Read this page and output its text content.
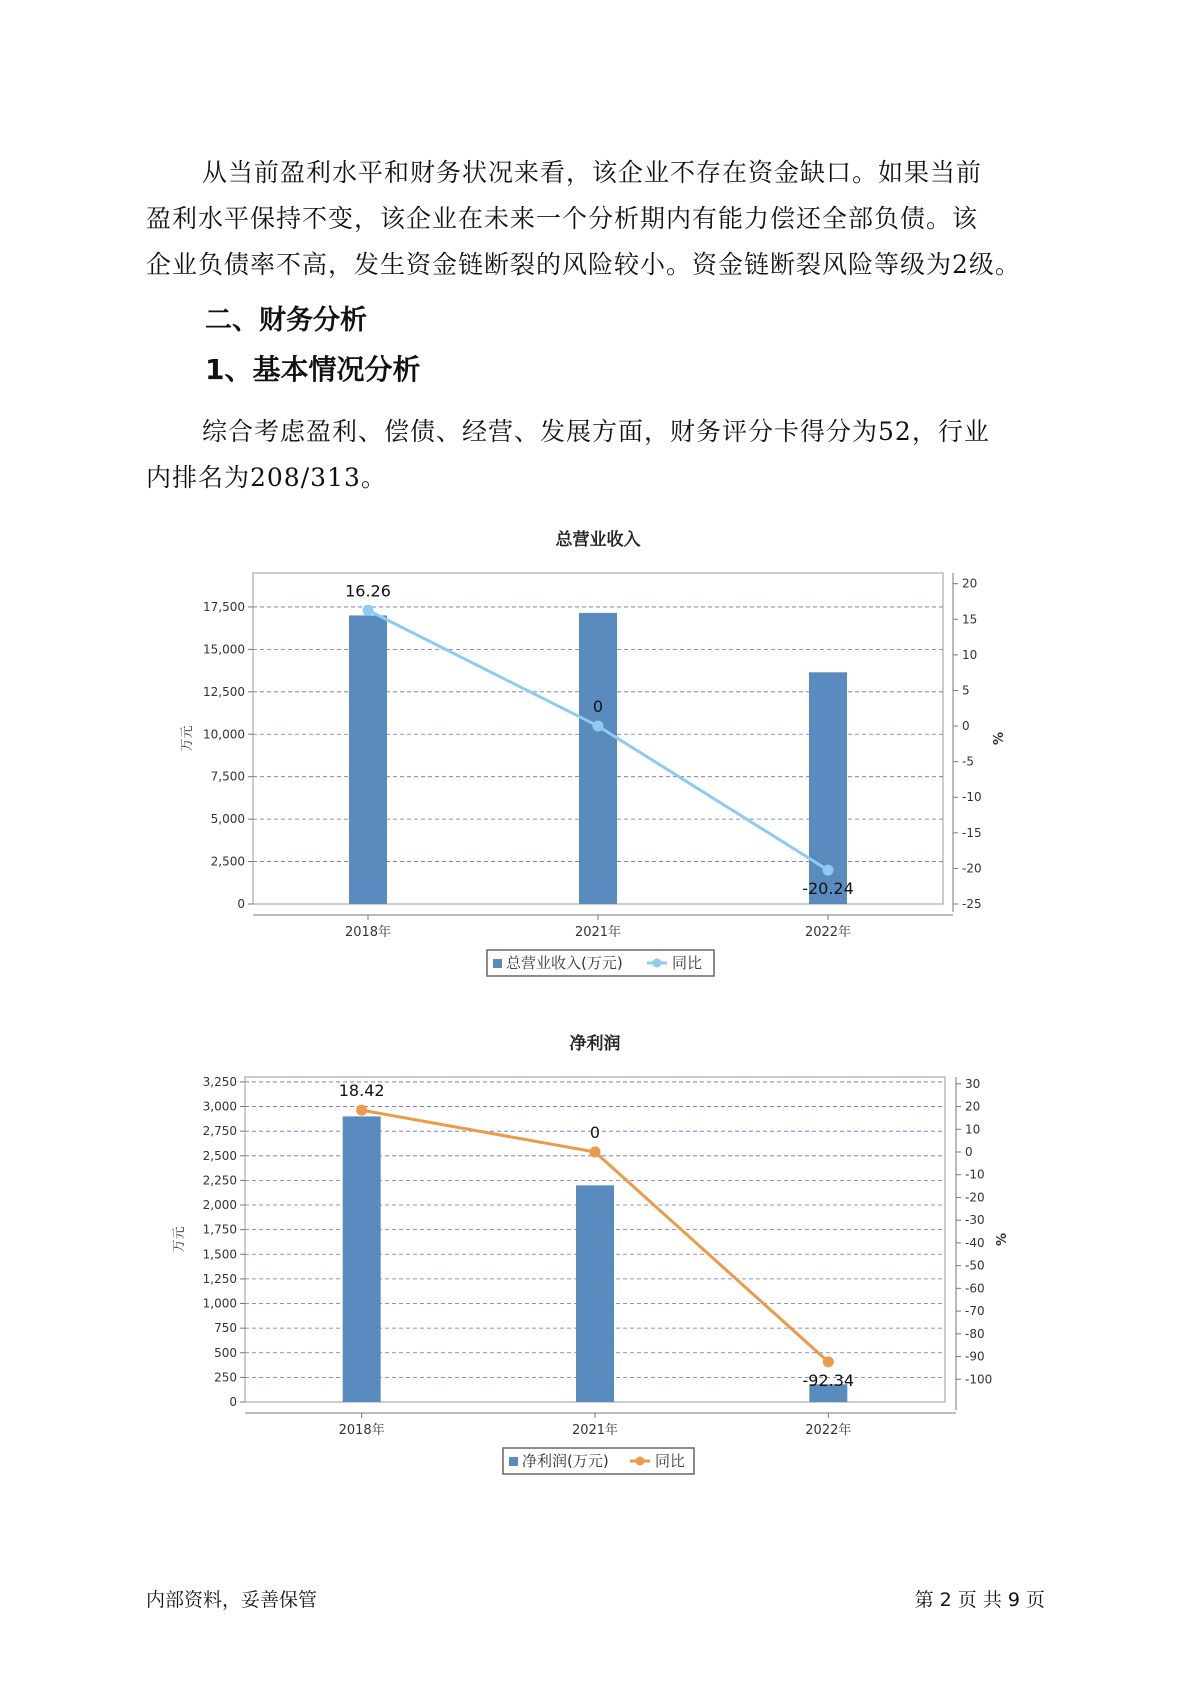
从当前盈利水平和财务状况来看，该企业不存在资金缺口。如果当前
盈利水平保持不变，该企业在未来一个分析期内有能力偿还全部负债。该
企业负债率不高，发生资金链断裂的风险较小。资金链断裂风险等级为2级。
二、财务分析
1、基本情况分析
综合考虑盈利、偿债、经营、发展方面，财务评分卡得分为52，行业
内排名为208/313。
总营业收入
0
2,500
5,000
7,500
10,000
12,500
15,000
17,500
-25
-20
-15
-10
-5
0
5
10
15
20
万元	%
2018年	2021年	2022年
16.26
0
-20.24
总营业收入(万元)	同比
净利润
0
250
500
750
1,000
1,250
1,500
1,750
2,000
2,250
2,500
2,750
3,000
3,250
-100
-90
-80
-70
-60
-50
-40
-30
-20
-10
0
10
20
30
万元	%
2018年	2021年	2022年
18.42
0
-92.34
净利润(万元)	同比
内部资料，妥善保管	第 2 页 共 9 页
